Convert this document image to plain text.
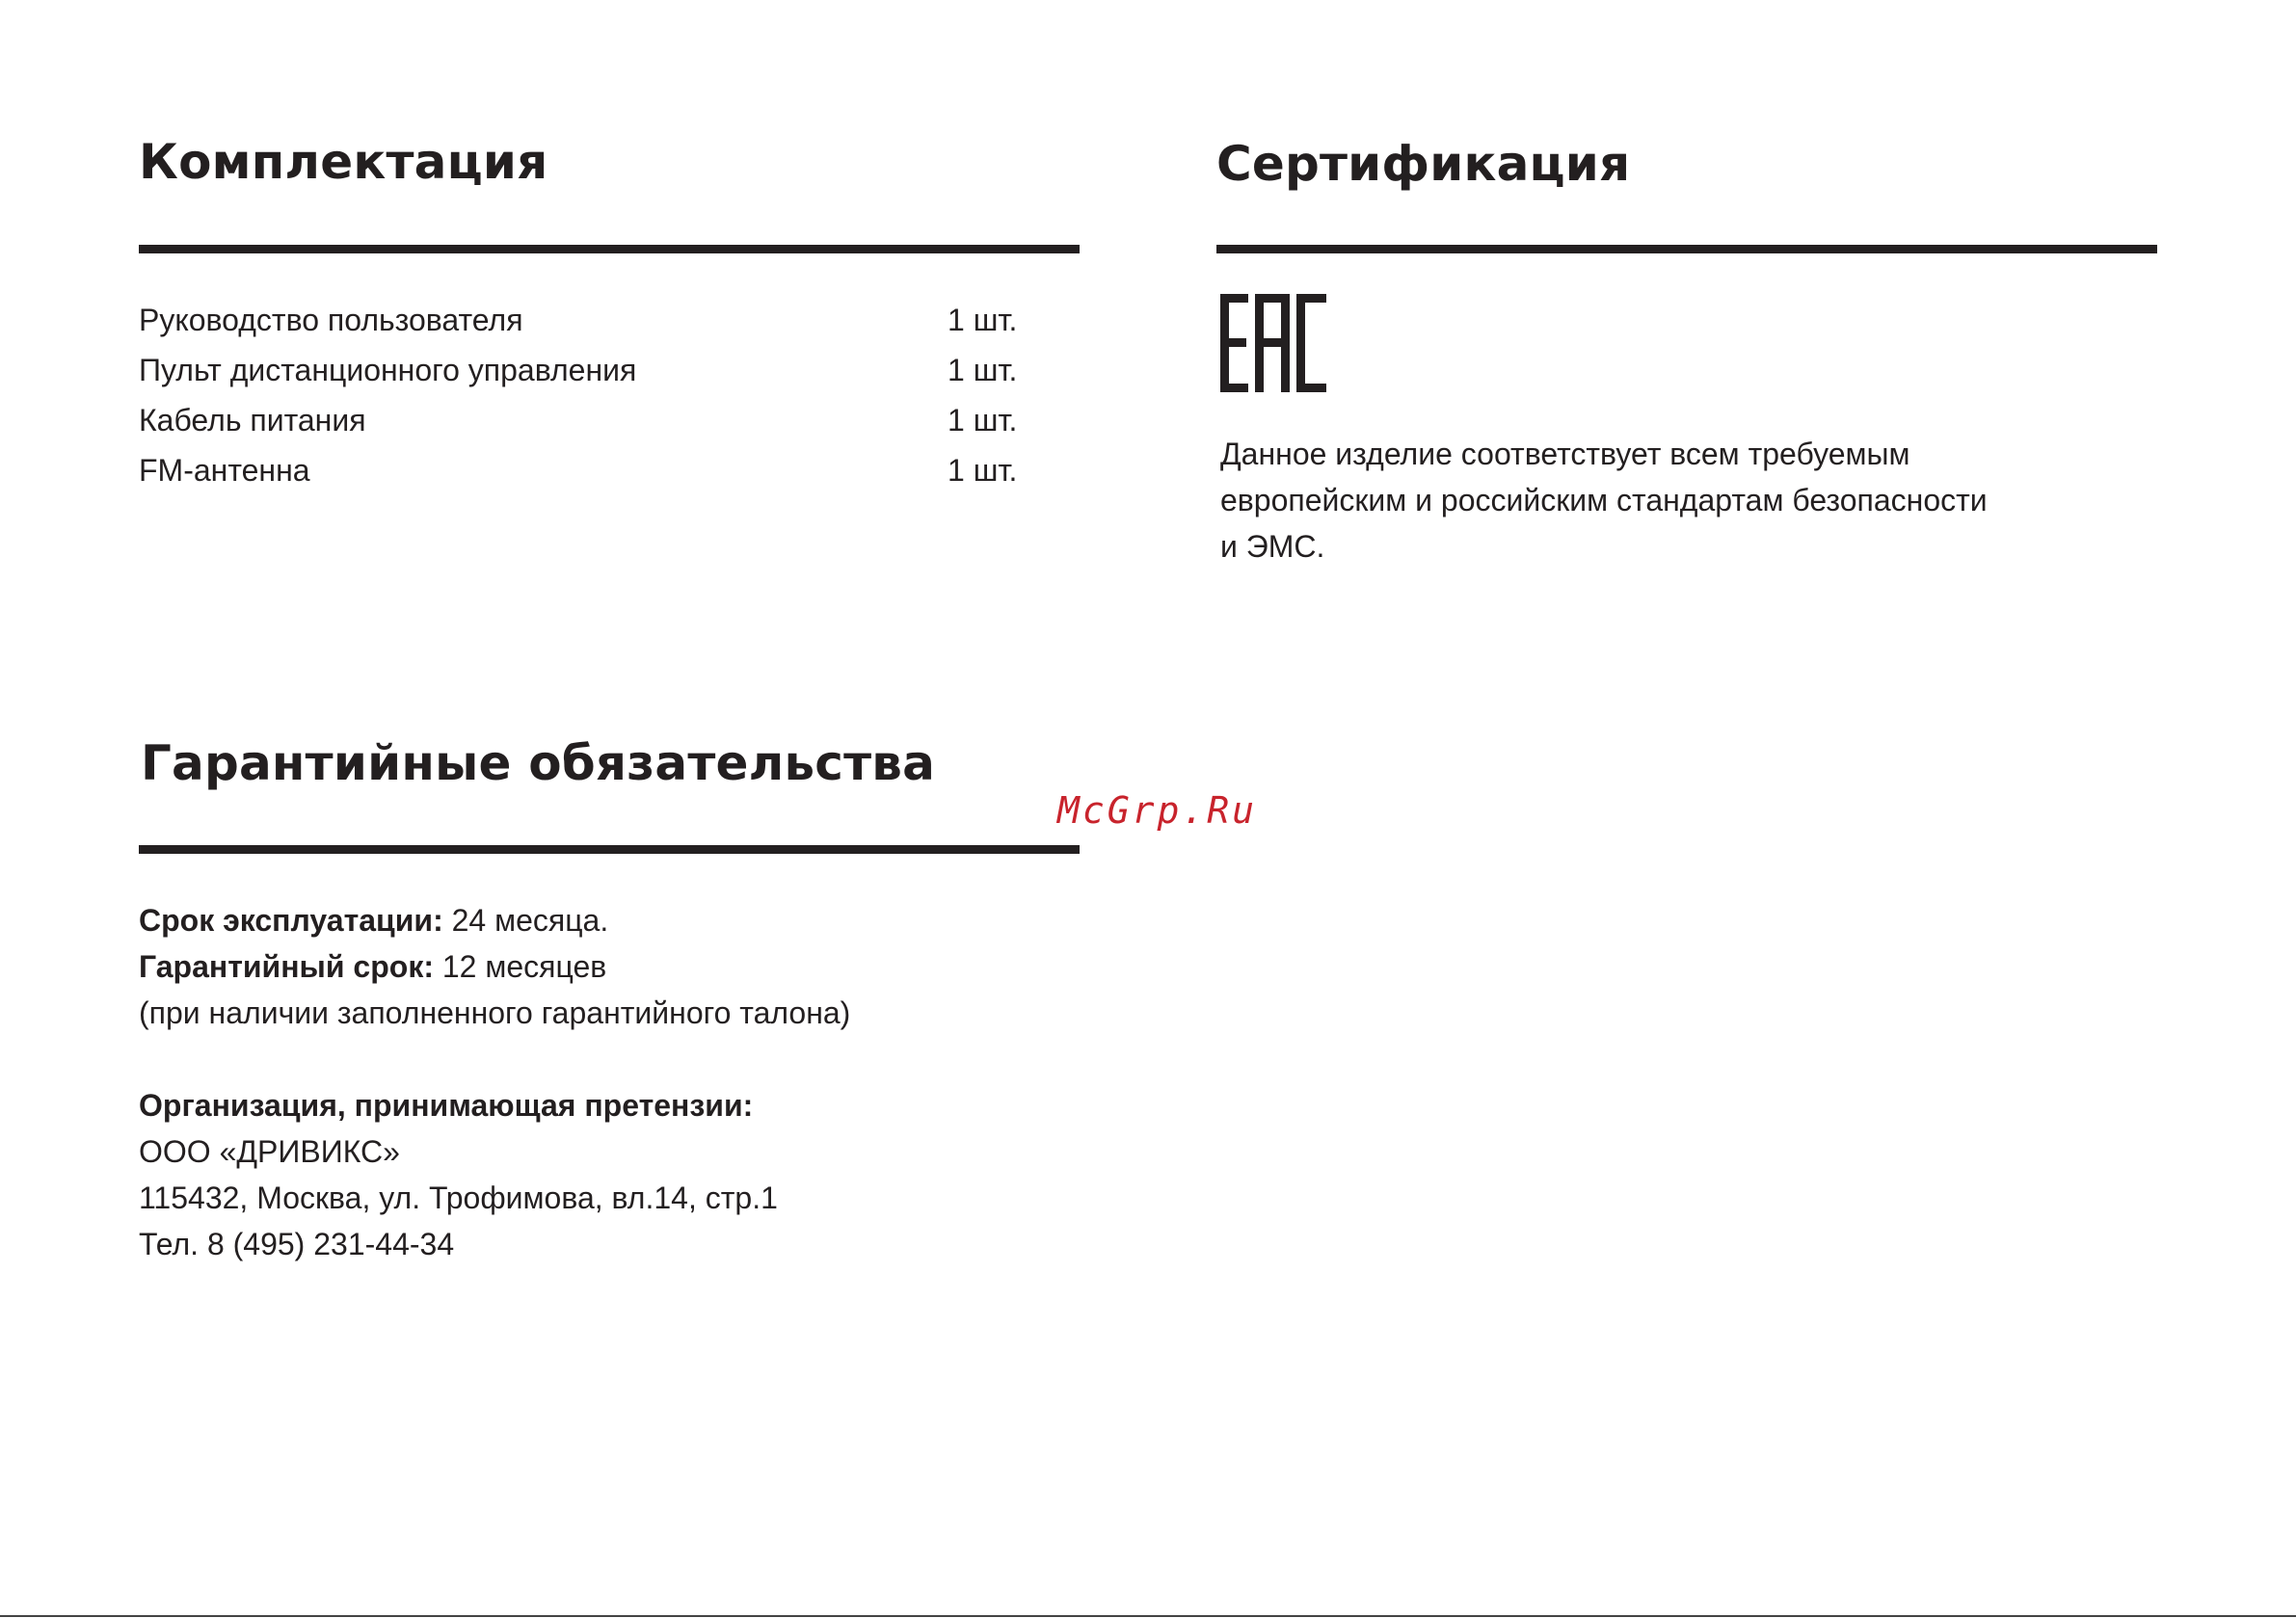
Комплектация
Руководство пользователя	1 шт.
Пульт дистанционного управления	1 шт.
Кабель питания	1 шт.
FM-антенна	1 шт.
Сертификация
Данное изделие соответствует всем требуемым
европейским и российским стандартам безопасности
и ЭМС.
Гарантийные обязательства
Срок эксплуатации: 24 месяца.
Гарантийный срок: 12 месяцев
(при наличии заполненного гарантийного талона)
Организация, принимающая претензии:
ООО «ДРИВИКС»
115432, Москва, ул. Трофимова, вл.14, стр.1
Тел. 8 (495) 231-44-34
McGrp.Ru
